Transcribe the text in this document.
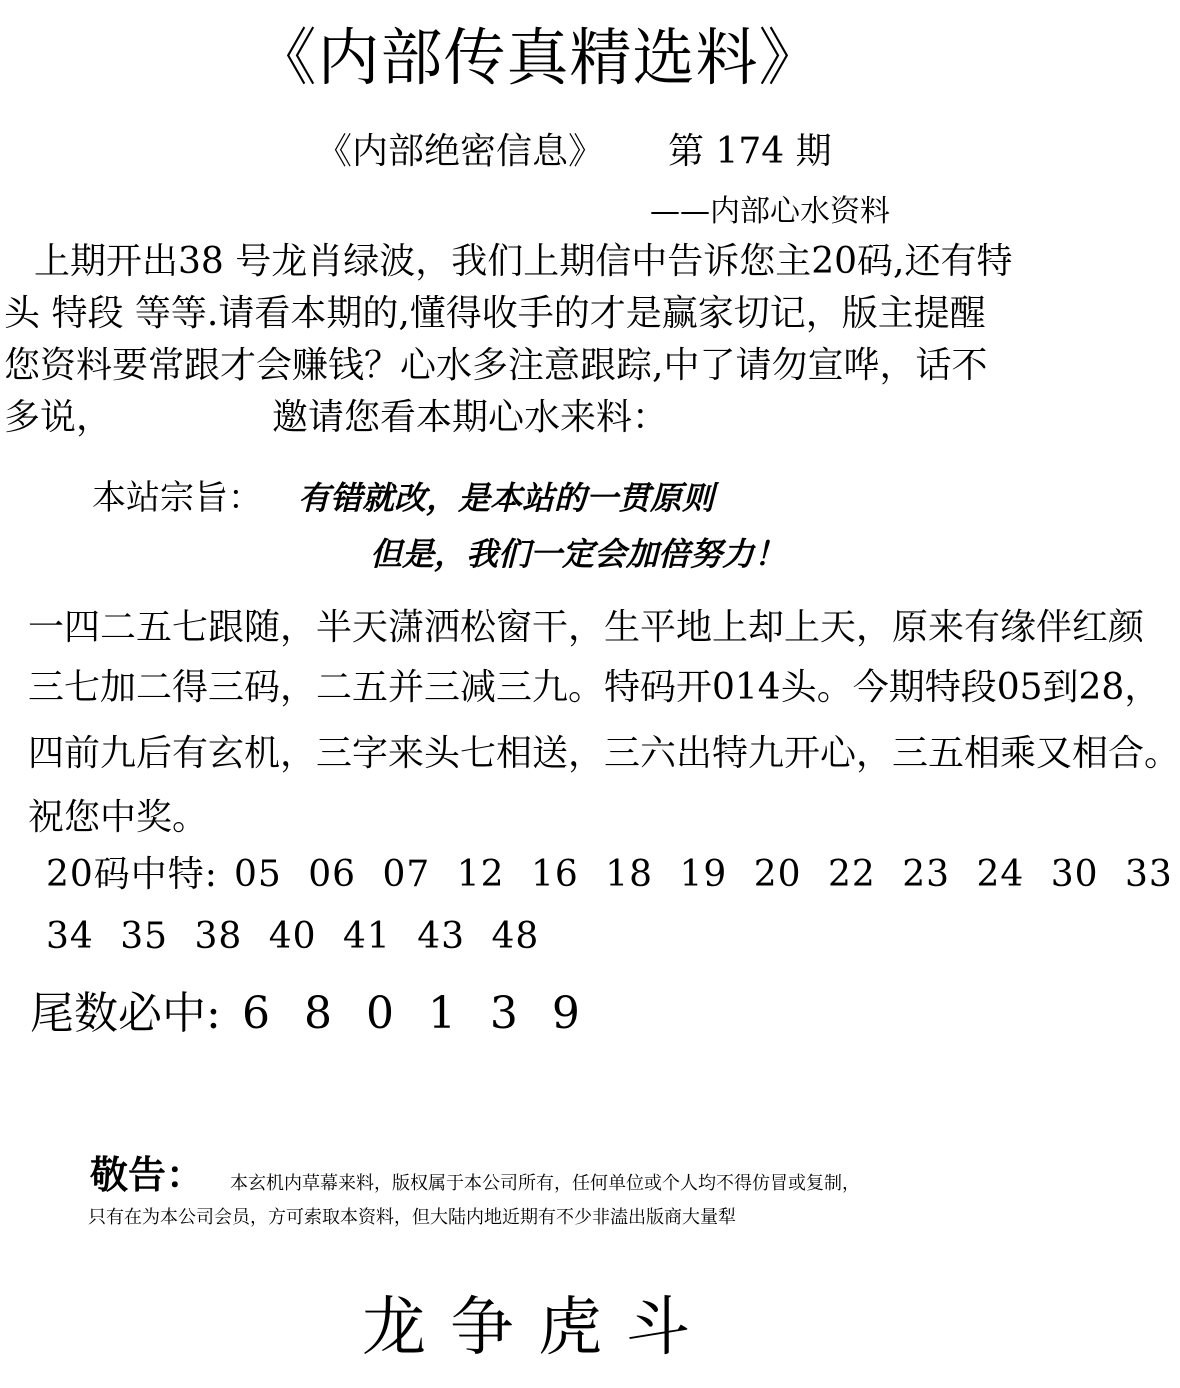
《内部传真精选料》
《内部绝密信息》 第 174 期
——内部心水资料
上期开出38 号龙肖绿波，我们上期信中告诉您主20码,还有特
头 特段 等等.请看本期的,懂得收手的才是赢家切记，版主提醒
您资料要常跟才会赚钱？心水多注意跟踪,中了请勿宣哗，话不
多说，	邀请您看本期心水来料：
本站宗旨： 有错就改，是本站的一贯原则
但是，我们一定会加倍努力！
一四二五七跟随，半天潇洒松窗干，生平地上却上天，原来有缘伴红颜
三七加二得三码，二五并三减三九。特码开014头。今期特段05到28，
四前九后有玄机，三字来头七相送，三六出特九开心，三五相乘又相合。
祝您中奖。
20码中特: 05 06 07 12 16 18 19 20 22 23 24 30 33
34 35 38 40 41 43 48
尾数必中: 6 8 0 1 3 9
敬告： 本玄机内草幕来料，版权属于本公司所有，任何单位或个人均不得仿冒或复制，
只有在为本公司会员，方可索取本资料，但大陆内地近期有不少非溘出版商大量犁
龙争虎斗
